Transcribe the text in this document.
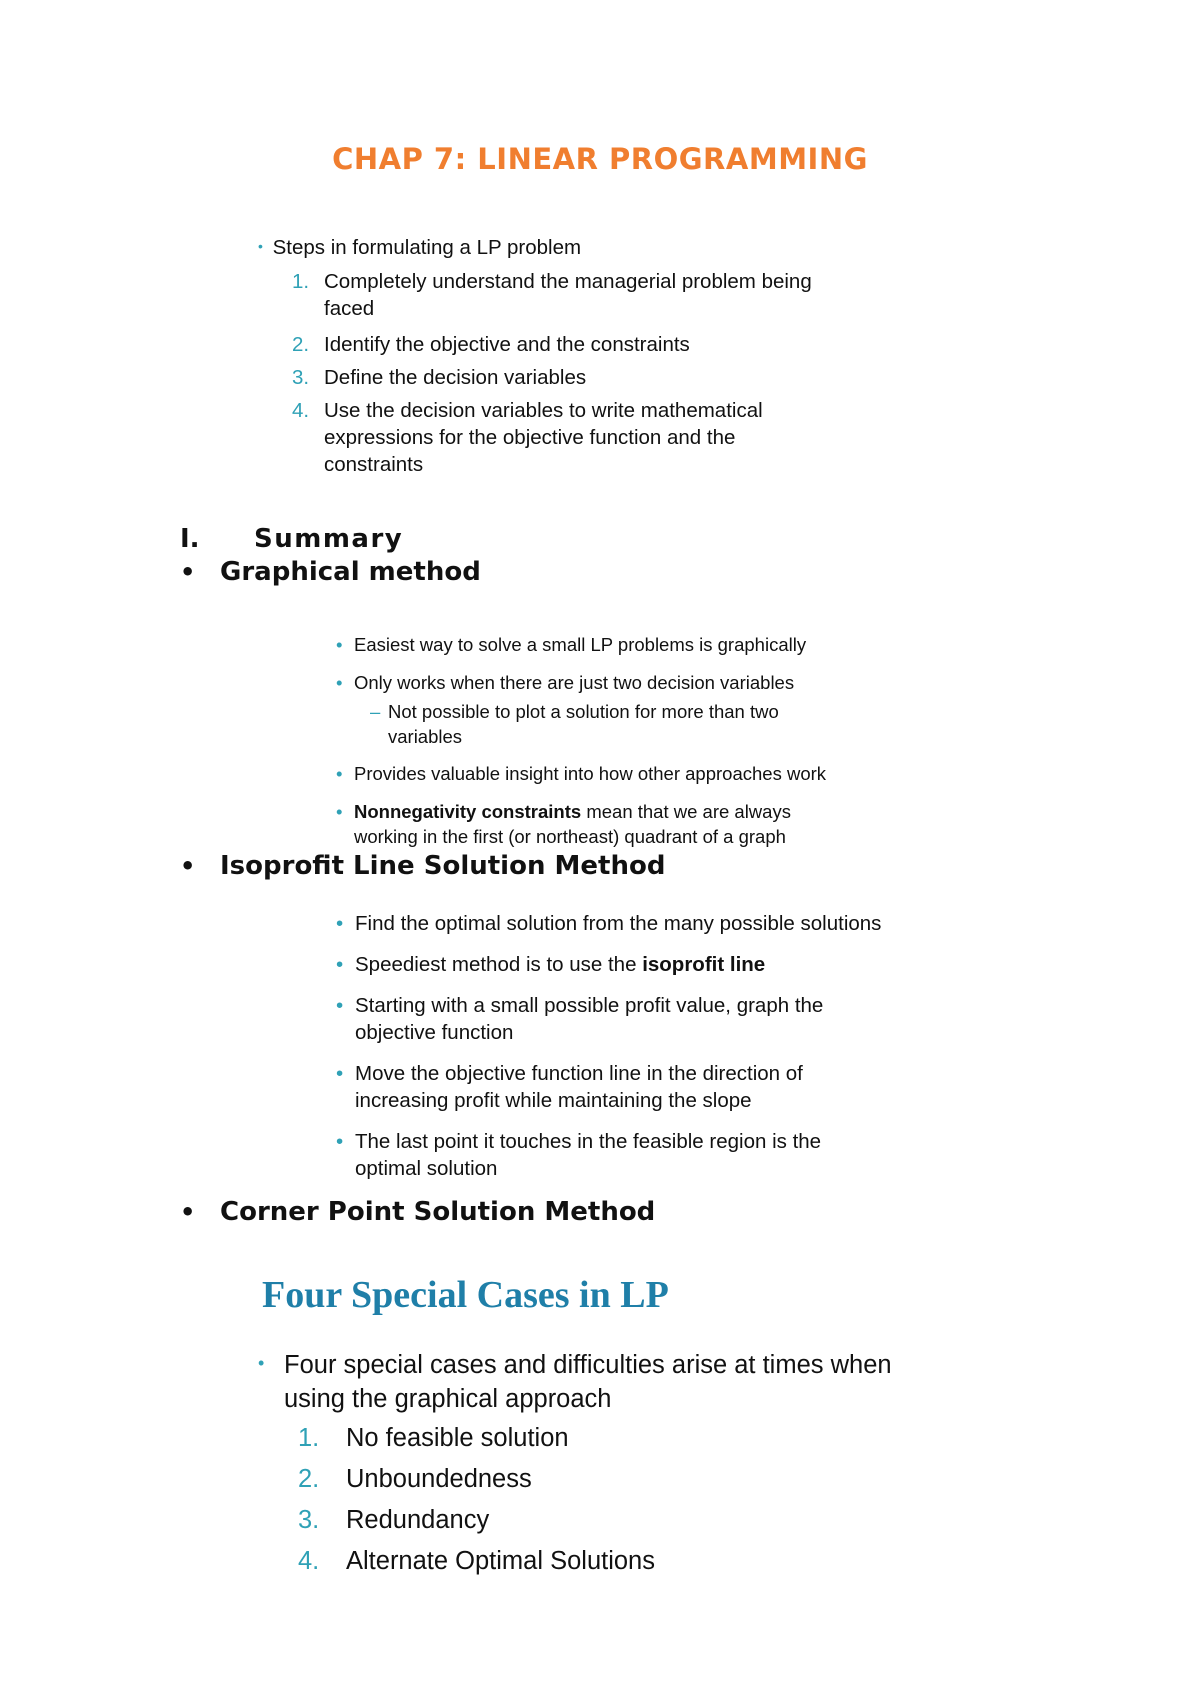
CHAP 7: LINEAR PROGRAMMING
• Steps in formulating a LP problem
1. Completely understand the managerial problem being
faced
2. Identify the objective and the constraints
3. Define the decision variables
4. Use the decision variables to write mathematical
expressions for the objective function and the
constraints
I. Summary
• Graphical method
• Easiest way to solve a small LP problems is graphically
• Only works when there are just two decision variables
– Not possible to plot a solution for more than two
variables
• Provides valuable insight into how other approaches work
• Nonnegativity constraints mean that we are always
working in the first (or northeast) quadrant of a graph
• Isoprofit Line Solution Method
• Find the optimal solution from the many possible solutions
• Speediest method is to use the isoprofit line
• Starting with a small possible profit value, graph the
objective function
• Move the objective function line in the direction of
increasing profit while maintaining the slope
• The last point it touches in the feasible region is the
optimal solution
• Corner Point Solution Method
Four Special Cases in LP
• Four special cases and difficulties arise at times when
using the graphical approach
1. No feasible solution
2. Unboundedness
3. Redundancy
4. Alternate Optimal Solutions
